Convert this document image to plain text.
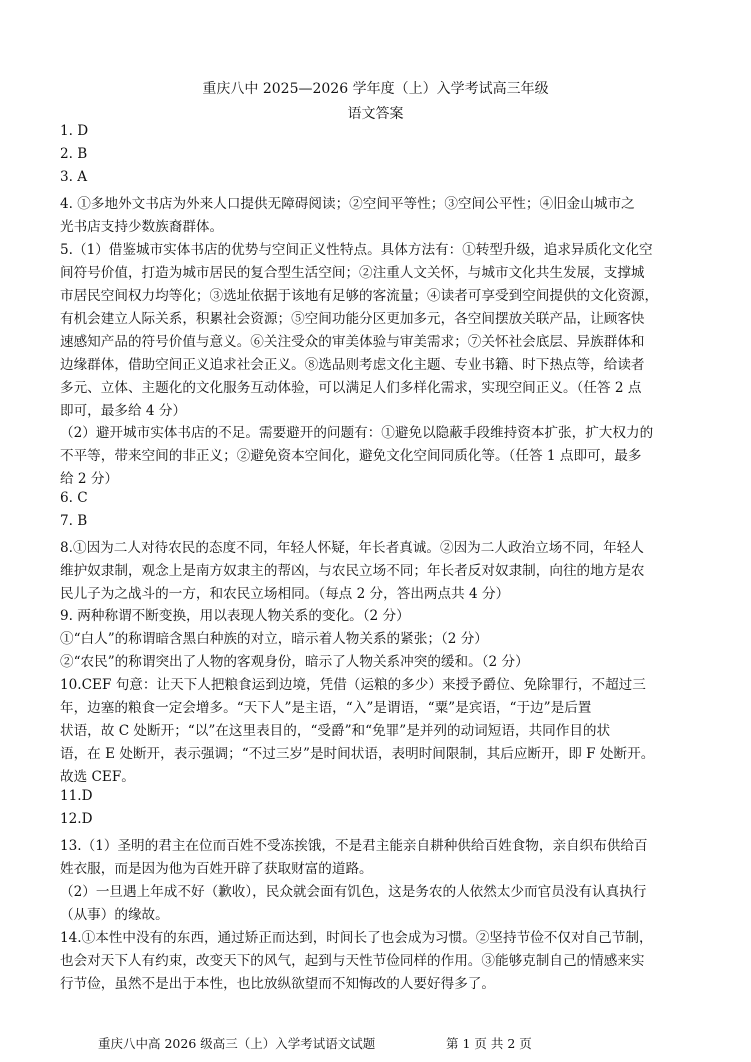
重庆八中 2025—2026 学年度（上）入学考试高三年级
语文答案
1. D
2. B
3. A
4. ①多地外文书店为外来人口提供无障碍阅读；②空间平等性；③空间公平性；④旧金山城市之
光书店支持少数族裔群体。
5.（1）借鉴城市实体书店的优势与空间正义性特点。具体方法有：①转型升级，追求异质化文化空
间符号价值，打造为城市居民的复合型生活空间；②注重人文关怀，与城市文化共生发展，支撑城
市居民空间权力均等化；③选址依据于该地有足够的客流量；④读者可享受到空间提供的文化资源，
有机会建立人际关系，积累社会资源；⑤空间功能分区更加多元，各空间摆放关联产品，让顾客快
速感知产品的符号价值与意义。⑥关注受众的审美体验与审美需求；⑦关怀社会底层、异族群体和
边缘群体，借助空间正义追求社会正义。⑧选品则考虑文化主题、专业书籍、时下热点等，给读者
多元、立体、主题化的文化服务互动体验，可以满足人们多样化需求，实现空间正义。（任答 2 点
即可，最多给 4 分）
（2）避开城市实体书店的不足。需要避开的问题有：①避免以隐蔽手段维持资本扩张，扩大权力的
不平等，带来空间的非正义；②避免资本空间化，避免文化空间同质化等。（任答 1 点即可，最多
给 2 分）
6. C
7. B
8.①因为二人对待农民的态度不同，年轻人怀疑，年长者真诚。②因为二人政治立场不同，年轻人
维护奴隶制，观念上是南方奴隶主的帮凶，与农民立场不同；年长者反对奴隶制，向往的地方是农
民儿子为之战斗的一方，和农民立场相同。（每点 2 分，答出两点共 4 分）
9. 两种称谓不断变换，用以表现人物关系的变化。（2 分）
①“白人”的称谓暗含黑白种族的对立，暗示着人物关系的紧张；（2 分）
②“农民”的称谓突出了人物的客观身份，暗示了人物关系冲突的缓和。（2 分）
10.CEF 句意：让天下人把粮食运到边境，凭借（运粮的多少）来授予爵位、免除罪行，不超过三
年，边塞的粮食一定会增多。“天下人”是主语，“入”是谓语，“粟”是宾语，“于边”是后置
状语，故 C 处断开；“以”在这里表目的，“受爵”和“免罪”是并列的动词短语，共同作目的状
语，在 E 处断开，表示强调；“不过三岁”是时间状语，表明时间限制，其后应断开，即 F 处断开。
故选 CEF。
11.D
12.D
13.（1）圣明的君主在位而百姓不受冻挨饿，不是君主能亲自耕种供给百姓食物，亲自织布供给百
姓衣服，而是因为他为百姓开辟了获取财富的道路。
（2）一旦遇上年成不好（歉收），民众就会面有饥色，这是务农的人依然太少而官员没有认真执行
（从事）的缘故。
14.①本性中没有的东西，通过矫正而达到，时间长了也会成为习惯。②坚持节俭不仅对自己节制，
也会对天下人有约束，改变天下的风气，起到与天性节俭同样的作用。③能够克制自己的情感来实
行节俭，虽然不是出于本性，也比放纵欲望而不知悔改的人要好得多了。
重庆八中高 2026 级高三（上）入学考试语文试题	第 1 页 共 2 页
